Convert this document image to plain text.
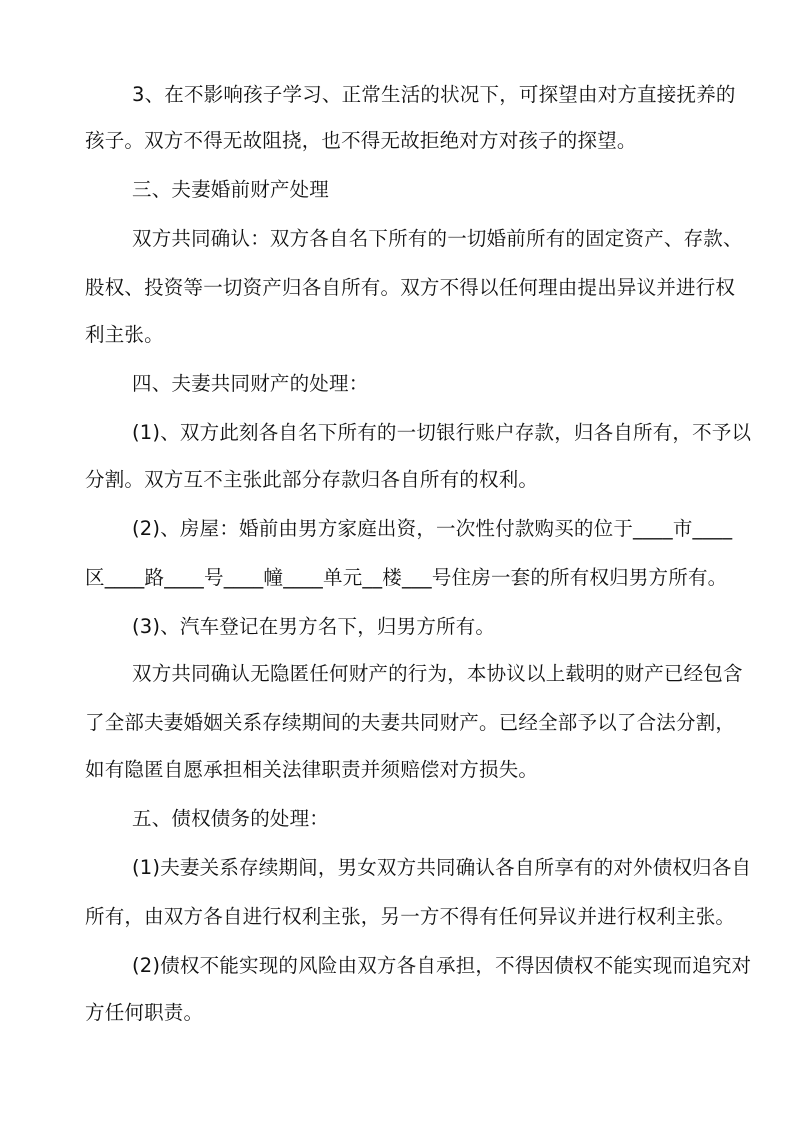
3、在不影响孩子学习、正常生活的状况下，可探望由对方直接抚养的
孩子。双方不得无故阻挠，也不得无故拒绝对方对孩子的探望。
三、夫妻婚前财产处理
双方共同确认：双方各自名下所有的一切婚前所有的固定资产、存款、
股权、投资等一切资产归各自所有。双方不得以任何理由提出异议并进行权
利主张。
四、夫妻共同财产的处理：
(1)、双方此刻各自名下所有的一切银行账户存款，归各自所有，不予以
分割。双方互不主张此部分存款归各自所有的权利。
(2)、房屋：婚前由男方家庭出资，一次性付款购买的位于____市____
区____路____号____幢____单元__楼___号住房一套的所有权归男方所有。
(3)、汽车登记在男方名下，归男方所有。
双方共同确认无隐匿任何财产的行为，本协议以上载明的财产已经包含
了全部夫妻婚姻关系存续期间的夫妻共同财产。已经全部予以了合法分割，
如有隐匿自愿承担相关法律职责并须赔偿对方损失。
五、债权债务的处理：
(1)夫妻关系存续期间，男女双方共同确认各自所享有的对外债权归各自
所有，由双方各自进行权利主张，另一方不得有任何异议并进行权利主张。
(2)债权不能实现的风险由双方各自承担，不得因债权不能实现而追究对
方任何职责。
